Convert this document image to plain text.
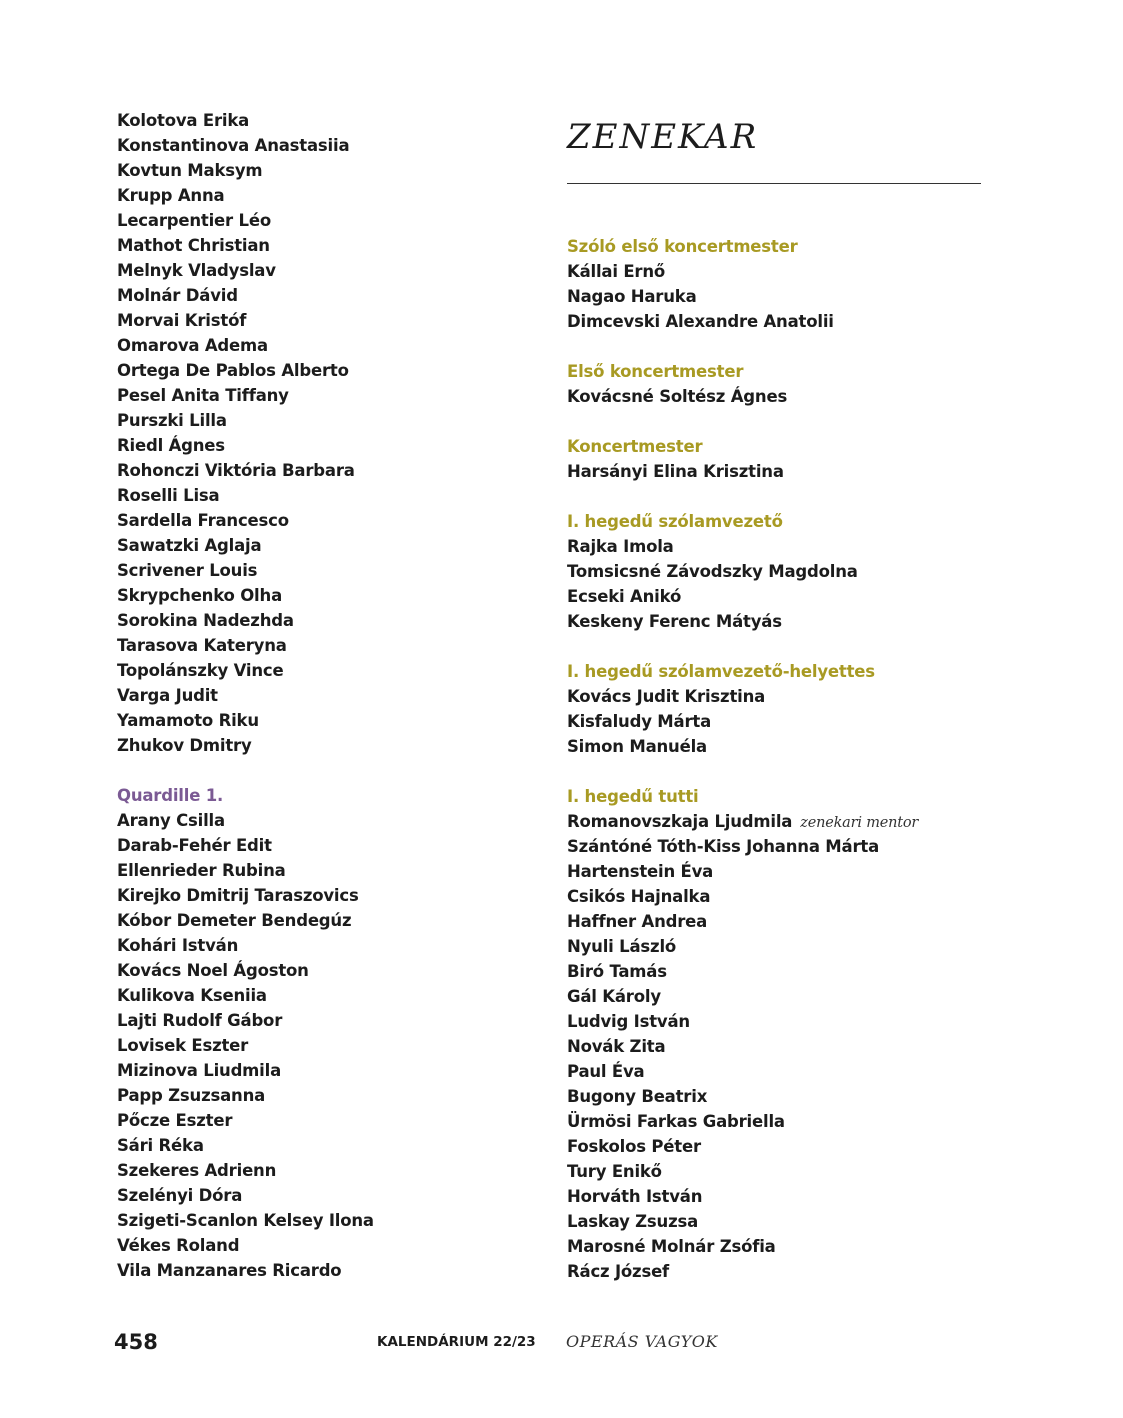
Kolotova Erika
Konstantinova Anastasiia
Kovtun Maksym
Krupp Anna
Lecarpentier Léo
Mathot Christian
Melnyk Vladyslav
Molnár Dávid
Morvai Kristóf
Omarova Adema
Ortega De Pablos Alberto
Pesel Anita Tiffany
Purszki Lilla
Riedl Ágnes
Rohonczi Viktória Barbara
Roselli Lisa
Sardella Francesco
Sawatzki Aglaja
Scrivener Louis
Skrypchenko Olha
Sorokina Nadezhda
Tarasova Kateryna
Topolánszky Vince
Varga Judit
Yamamoto Riku
Zhukov Dmitry
Quardille 1.
Arany Csilla
Darab-Fehér Edit
Ellenrieder Rubina
Kirejko Dmitrij Taraszovics
Kóbor Demeter Bendegúz
Kohári István
Kovács Noel Ágoston
Kulikova Kseniia
Lajti Rudolf Gábor
Lovisek Eszter
Mizinova Liudmila
Papp Zsuzsanna
Pőcze Eszter
Sári Réka
Szekeres Adrienn
Szelényi Dóra
Szigeti-Scanlon Kelsey Ilona
Vékes Roland
Vila Manzanares Ricardo
ZENEKAR
Szóló első koncertmester
Kállai Ernő
Nagao Haruka
Dimcevski Alexandre Anatolii
Első koncertmester
Kovácsné Soltész Ágnes
Koncertmester
Harsányi Elina Krisztina
I. hegedű szólamvezető
Rajka Imola
Tomsicsné Závodszky Magdolna
Ecseki Anikó
Keskeny Ferenc Mátyás
I. hegedű szólamvezető-helyettes
Kovács Judit Krisztina
Kisfaludy Márta
Simon Manuéla
I. hegedű tutti
Romanovszkaja Ljudmila zenekari mentor
Szántóné Tóth-Kiss Johanna Márta
Hartenstein Éva
Csikós Hajnalka
Haffner Andrea
Nyuli László
Biró Tamás
Gál Károly
Ludvig István
Novák Zita
Paul Éva
Bugony Beatrix
Ürmösi Farkas Gabriella
Foskolos Péter
Tury Enikő
Horváth István
Laskay Zsuzsa
Marosné Molnár Zsófia
Rácz József
458	KALENDÁRIUM 22/23 OPERÁS VAGYOK
